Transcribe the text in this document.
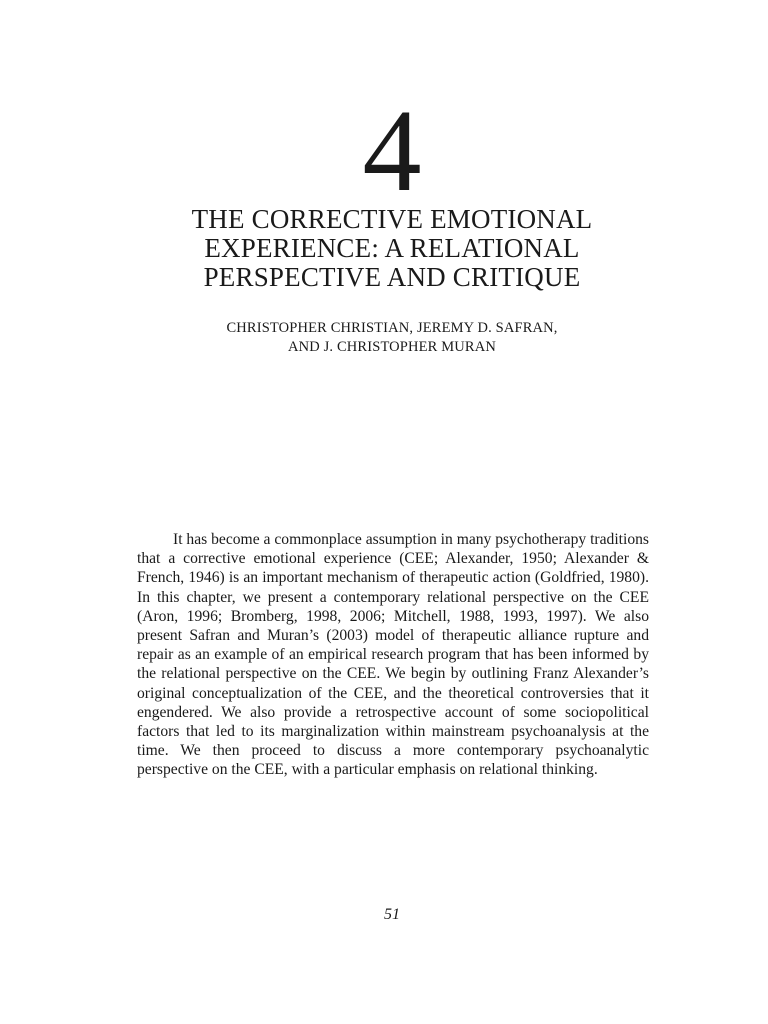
4
THE CORRECTIVE EMOTIONAL
EXPERIENCE: A RELATIONAL
PERSPECTIVE AND CRITIQUE
CHRISTOPHER CHRISTIAN, JEREMY D. SAFRAN,
AND J. CHRISTOPHER MURAN

It has become a commonplace assumption in many psychotherapy traditions that a corrective emotional experience (CEE; Alexander, 1950; Alexander & French, 1946) is an important mechanism of therapeutic action (Goldfried, 1980). In this chapter, we present a contemporary relational perspective on the CEE (Aron, 1996; Bromberg, 1998, 2006; Mitchell, 1988, 1993, 1997). We also present Safran and Muran’s (2003) model of therapeutic alliance rupture and repair as an example of an empirical research program that has been informed by the relational perspective on the CEE. We begin by outlining Franz Alexander’s original conceptualization of the CEE, and the theoretical controversies that it engendered. We also provide a retrospective account of some sociopolitical factors that led to its marginalization within mainstream psychoanalysis at the time. We then proceed to discuss a more contemporary psychoanalytic perspective on the CEE, with a particular emphasis on relational thinking.

51
